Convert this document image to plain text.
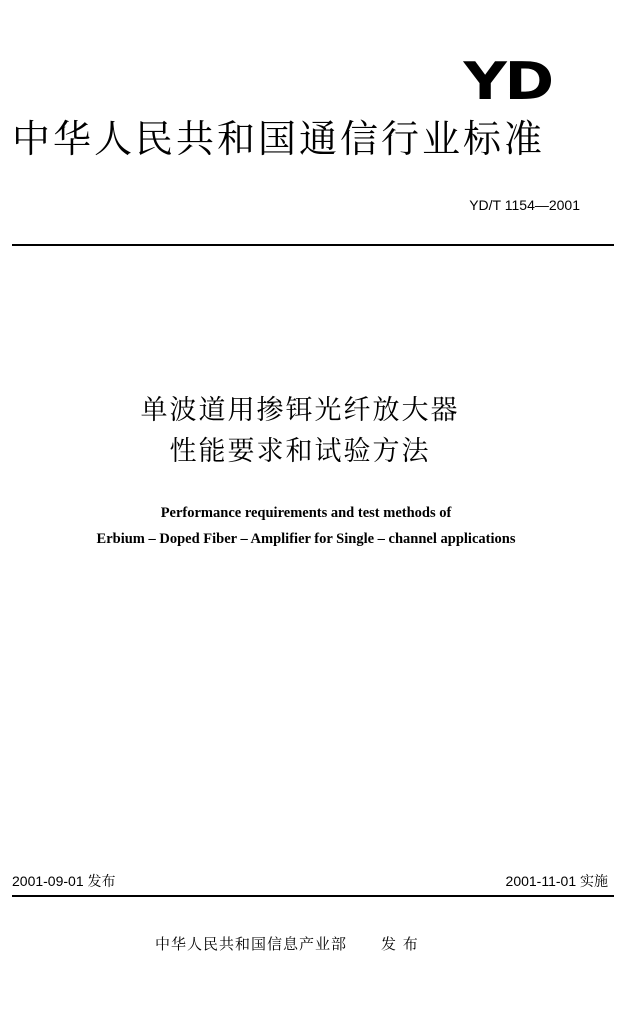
YD
中华人民共和国通信行业标准
YD/T 1154—2001
单波道用掺铒光纤放大器
性能要求和试验方法
Performance requirements and test methods of
Erbium – Doped Fiber – Amplifier for Single – channel applications
2001-09-01 发布	2001-11-01 实施
中华人民共和国信息产业部 发 布
